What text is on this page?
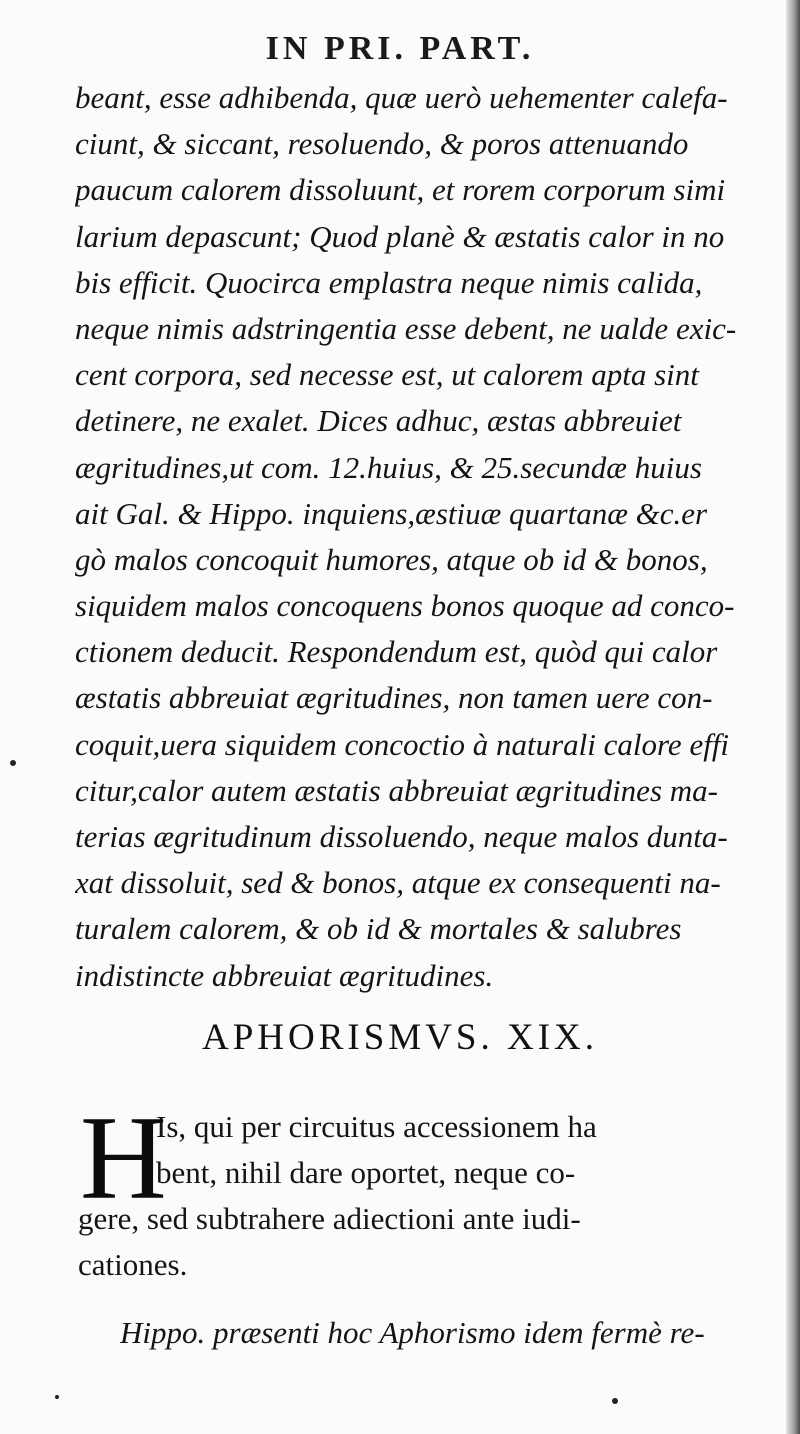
IN PRI. PART.
beant, esse adhibenda, quæ uerò uehementer calefa-
ciunt, & siccant, resoluendo, & poros attenuando
paucum calorem dissoluunt, et rorem corporum simi
larium depascunt; Quod planè & æstatis calor in no
bis efficit. Quocirca emplastra neque nimis calida,
neque nimis adstringentia esse debent, ne ualde exic-
cent corpora, sed necesse est, ut calorem apta sint
detinere, ne exalet. Dices adhuc, æstas abbreuiet
ægritudines,ut com. 12.huius, & 25.secundæ huius
ait Gal. & Hippo. inquiens,æstiuæ quartanæ &c.er
gò malos concoquit humores, atque ob id & bonos,
siquidem malos concoquens bonos quoque ad conco-
ctionem deducit. Respondendum est, quòd qui calor
æstatis abbreuiat ægritudines, non tamen uere con-
coquit,uera siquidem concoctio à naturali calore effi
citur,calor autem æstatis abbreuiat ægritudines ma-
terias ægritudinum dissoluendo, neque malos dunta-
xat dissoluit, sed & bonos, atque ex consequenti na-
turalem calorem, & ob id & mortales & salubres
indistincte abbreuiat ægritudines.
APHORISMVS. XIX.
H
Is, qui per circuitus accessionem ha
bent, nihil dare oportet, neque co-
gere, sed subtrahere adiectioni ante iudi-
cationes.
Hippo. præsenti hoc Aphorismo idem fermè re-
